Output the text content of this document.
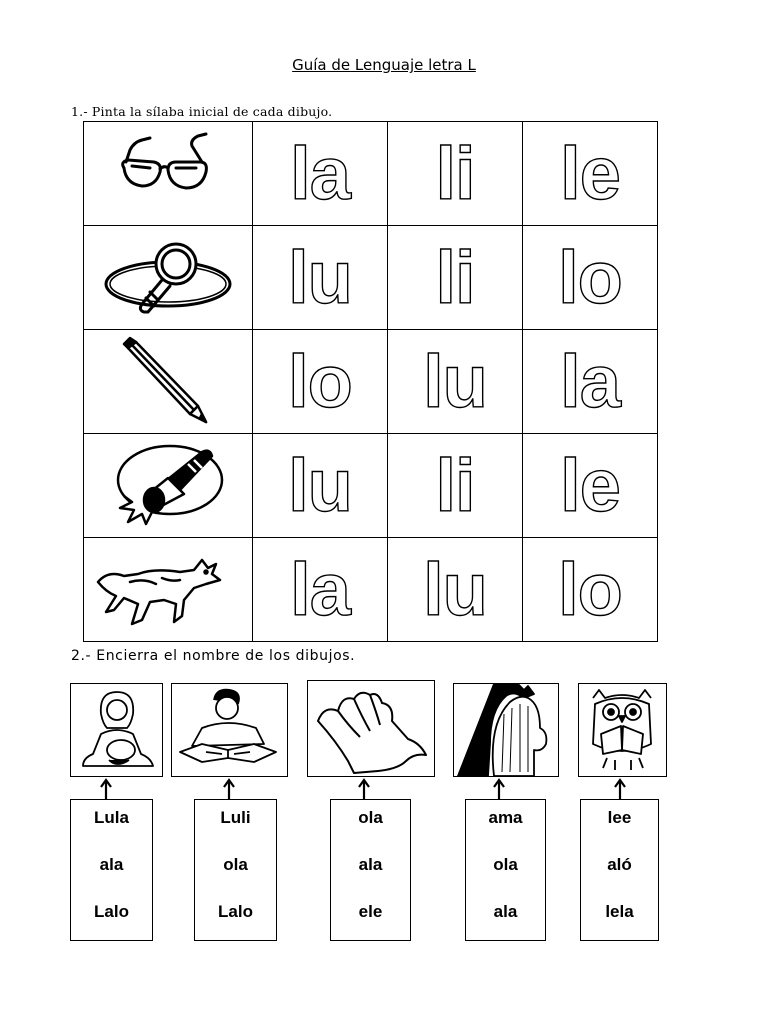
Guía de Lenguaje letra L
1.- Pinta la sílaba inicial de cada dibujo.
	la	li	le

	lu	li	lo

	lo	lu	la

	lu	li	le

	la	lu	lo
2.- Encierra el nombre de los dibujos.
Lula
ala
Lalo
Luli
ola
Lalo
ola
ala
ele
ama
ola
ala
lee
aló
lela
